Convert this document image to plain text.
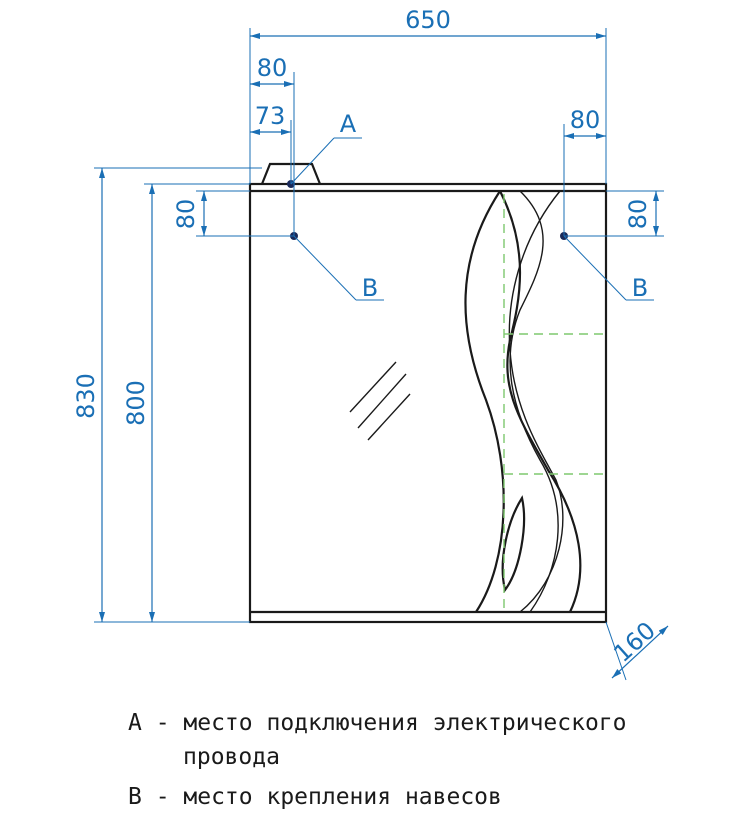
650
80
73	80
A
B	B
80	80
830 800
160
A - место подключения электрического
провода
B - место крепления навесов
